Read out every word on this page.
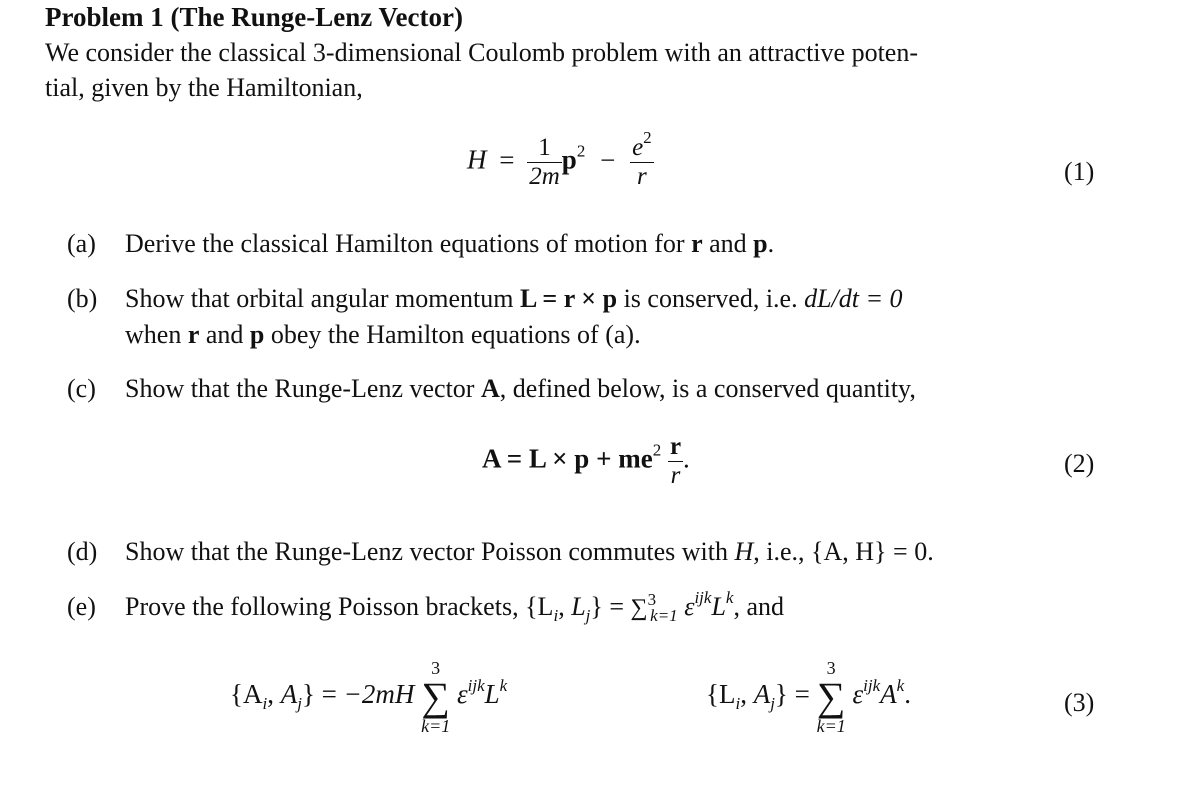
Problem 1 (The Runge-Lenz Vector)
We consider the classical 3-dimensional Coulomb problem with an attractive poten-
tial, given by the Hamiltonian,
$H = \frac{1}{2m} p^2 - \frac{e^2}{r}$	(1)
(a) Derive the classical Hamilton equations of motion for r and p.
(b) Show that orbital angular momentum L = r × p is conserved, i.e. dL/dt = 0
when r and p obey the Hamilton equations of (a).
(c) Show that the Runge-Lenz vector A, defined below, is a conserved quantity,
$A = L \times p + me^2 \frac{r}{r}$ .	(2)
(d) Show that the Runge-Lenz vector Poisson commutes with H, i.e., {A, H} = 0.
(e) Prove the following Poisson brackets, {$L_i$, $L_j\} = \sum^3_{k=1}$ $\varepsilon^{ijk}L^k$, and
{$A_i$, $A_j\} = -2mH$
3
∑
k=1
$\varepsilon^{ijk}L^k$	{$L_i$, $A_j$} =
3
∑
k=1
$\varepsilon^{ijk}A^k$.	(3)
